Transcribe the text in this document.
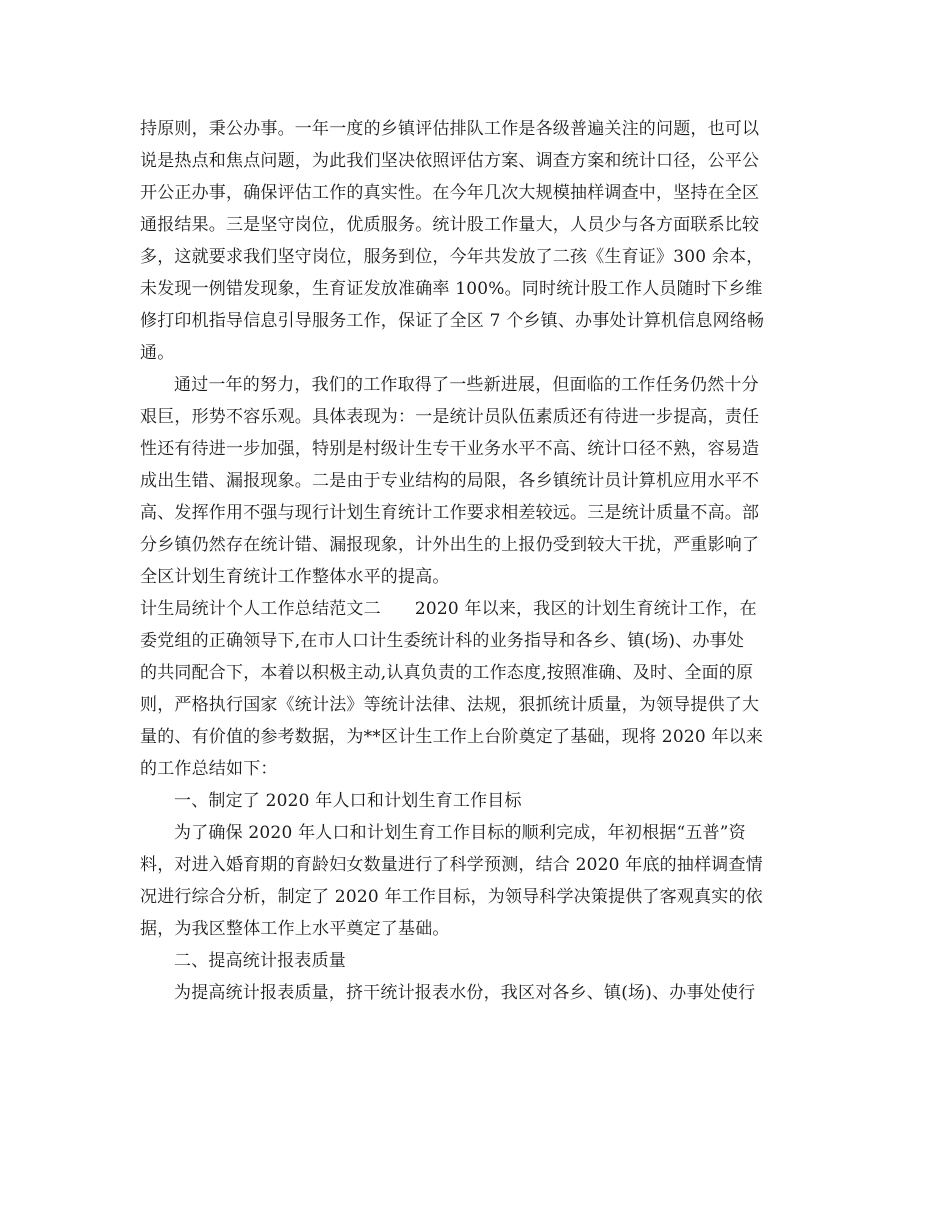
持原则，秉公办事。一年一度的乡镇评估排队工作是各级普遍关注的问题，也可以
说是热点和焦点问题，为此我们坚决依照评估方案、调查方案和统计口径，公平公
开公正办事，确保评估工作的真实性。在今年几次大规模抽样调查中，坚持在全区
通报结果。三是坚守岗位，优质服务。统计股工作量大，人员少与各方面联系比较
多，这就要求我们坚守岗位，服务到位，今年共发放了二孩《生育证》300 余本，
未发现一例错发现象，生育证发放准确率 100%。同时统计股工作人员随时下乡维
修打印机指导信息引导服务工作，保证了全区 7 个乡镇、办事处计算机信息网络畅
通。
通过一年的努力，我们的工作取得了一些新进展，但面临的工作任务仍然十分
艰巨，形势不容乐观。具体表现为：一是统计员队伍素质还有待进一步提高，责任
性还有待进一步加强，特别是村级计生专干业务水平不高、统计口径不熟，容易造
成出生错、漏报现象。二是由于专业结构的局限，各乡镇统计员计算机应用水平不
高、发挥作用不强与现行计划生育统计工作要求相差较远。三是统计质量不高。部
分乡镇仍然存在统计错、漏报现象，计外出生的上报仍受到较大干扰，严重影响了
全区计划生育统计工作整体水平的提高。
计生局统计个人工作总结范文二 2020 年以来，我区的计划生育统计工作，在
委党组的正确领导下,在市人口计生委统计科的业务指导和各乡、镇(场)、办事处
的共同配合下，本着以积极主动,认真负责的工作态度,按照准确、及时、全面的原
则，严格执行国家《统计法》等统计法律、法规，狠抓统计质量，为领导提供了大
量的、有价值的参考数据，为**区计生工作上台阶奠定了基础，现将 2020 年以来
的工作总结如下：
一、制定了 2020 年人口和计划生育工作目标
为了确保 2020 年人口和计划生育工作目标的顺利完成，年初根据“五普”资
料，对进入婚育期的育龄妇女数量进行了科学预测，结合 2020 年底的抽样调查情
况进行综合分析，制定了 2020 年工作目标，为领导科学决策提供了客观真实的依
据，为我区整体工作上水平奠定了基础。
二、提高统计报表质量
为提高统计报表质量，挤干统计报表水份，我区对各乡、镇(场)、办事处使行
